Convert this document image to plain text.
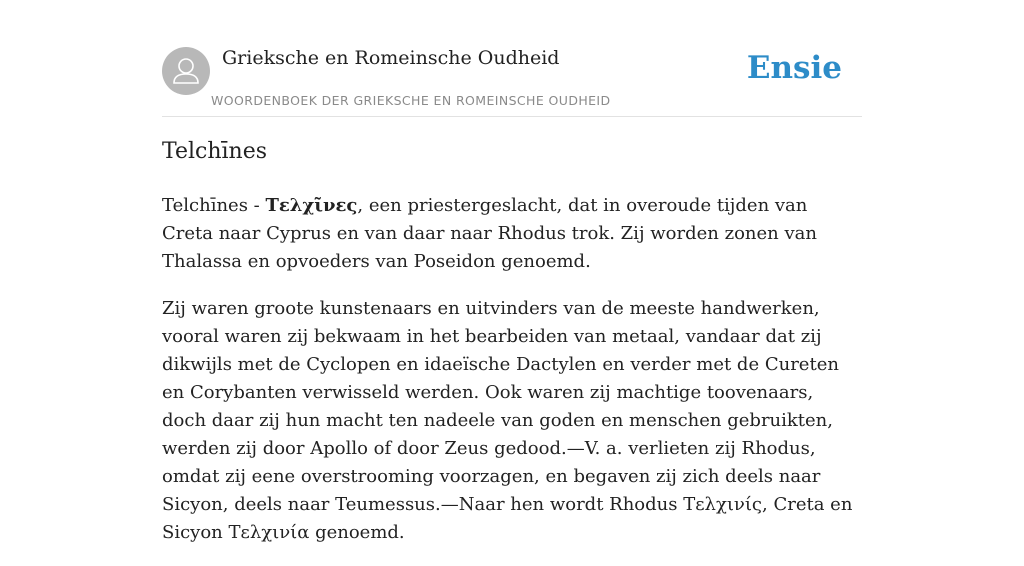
Grieksche en Romeinsche Oudheid
WOORDENBOEK DER GRIEKSCHE EN ROMEINSCHE OUDHEID
Ensie
Telchīnes

Telchīnes - Τελχῖνες, een priestergeslacht, dat in overoude tijden van Creta naar Cyprus en van daar naar Rhodus trok. Zij worden zonen van Thalassa en opvoeders van Poseidon genoemd.

Zij waren groote kunstenaars en uitvinders van de meeste handwerken, vooral waren zij bekwaam in het bearbeiden van metaal, vandaar dat zij dikwijls met de Cyclopen en idaeïsche Dactylen en verder met de Cureten en Corybanten verwisseld werden. Ook waren zij machtige toovenaars, doch daar zij hun macht ten nadeele van goden en menschen gebruikten, werden zij door Apollo of door Zeus gedood.—V. a. verlieten zij Rhodus, omdat zij eene overstrooming voorzagen, en begaven zij zich deels naar Sicyon, deels naar Teumessus.—Naar hen wordt Rhodus Τελχινίς, Creta en Sicyon Τελχινία genoemd.
